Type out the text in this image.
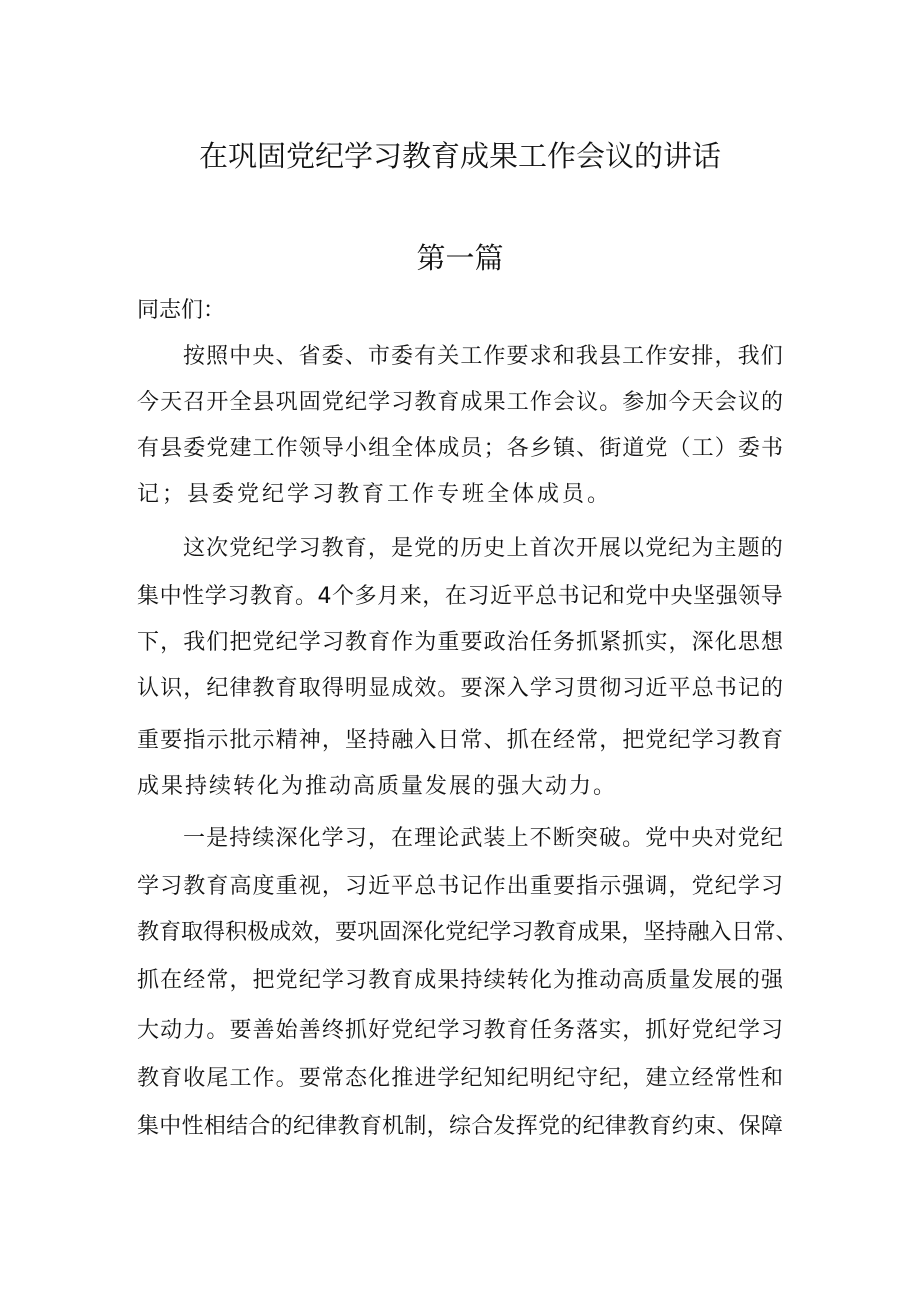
在巩固党纪学习教育成果工作会议的讲话
第一篇
同志们：
按 照 中 央 、 省 委 、 市 委 有 关 工 作 要 求 和 我 县 工 作 安 排 ， 我 们
今 天 召 开 全 县 巩 固 党 纪 学 习 教 育 成 果 工 作 会 议 。 参 加 今 天 会 议 的
有 县 委 党 建 工 作 领 导 小 组 全 体 成 员 ； 各 乡 镇 、 街 道 党 （ 工 ） 委 书
记；县委党纪学习教育工作专班全体成员。
这 次 党 纪 学 习 教 育 ， 是 党 的 历 史 上 首 次 开 展 以 党 纪 为 主 题 的
集 中 性 学 习 教 育 。 4 个 多 月 来 ， 在 习 近 平 总 书 记 和 党 中 央 坚 强 领 导
下 ， 我 们 把 党 纪 学 习 教 育 作 为 重 要 政 治 任 务 抓 紧 抓 实 ， 深 化 思 想
认 识 ， 纪 律 教 育 取 得 明 显 成 效 。 要 深 入 学 习 贯 彻 习 近 平 总 书 记 的
重 要 指 示 批 示 精 神 ， 坚 持 融 入 日 常 、 抓 在 经 常 ， 把 党 纪 学 习 教 育
成果持续转化为推动高质量发展的强大动力。
一 是 持 续 深 化 学 习 ， 在 理 论 武 装 上 不 断 突 破 。 党 中 央 对 党 纪
学 习 教 育 高 度 重 视 ， 习 近 平 总 书 记 作 出 重 要 指 示 强 调 ， 党 纪 学 习
教 育 取 得 积 极 成 效 ， 要 巩 固 深 化 党 纪 学 习 教 育 成 果 ， 坚 持 融 入 日 常 、
抓 在 经 常 ， 把 党 纪 学 习 教 育 成 果 持 续 转 化 为 推 动 高 质 量 发 展 的 强
大 动 力 。 要 善 始 善 终 抓 好 党 纪 学 习 教 育 任 务 落 实 ， 抓 好 党 纪 学 习
教 育 收 尾 工 作 。 要 常 态 化 推 进 学 纪 知 纪 明 纪 守 纪 ， 建 立 经 常 性 和
集 中 性 相 结 合 的 纪 律 教 育 机 制 ， 综 合 发 挥 党 的 纪 律 教 育 约 束 、 保 障
